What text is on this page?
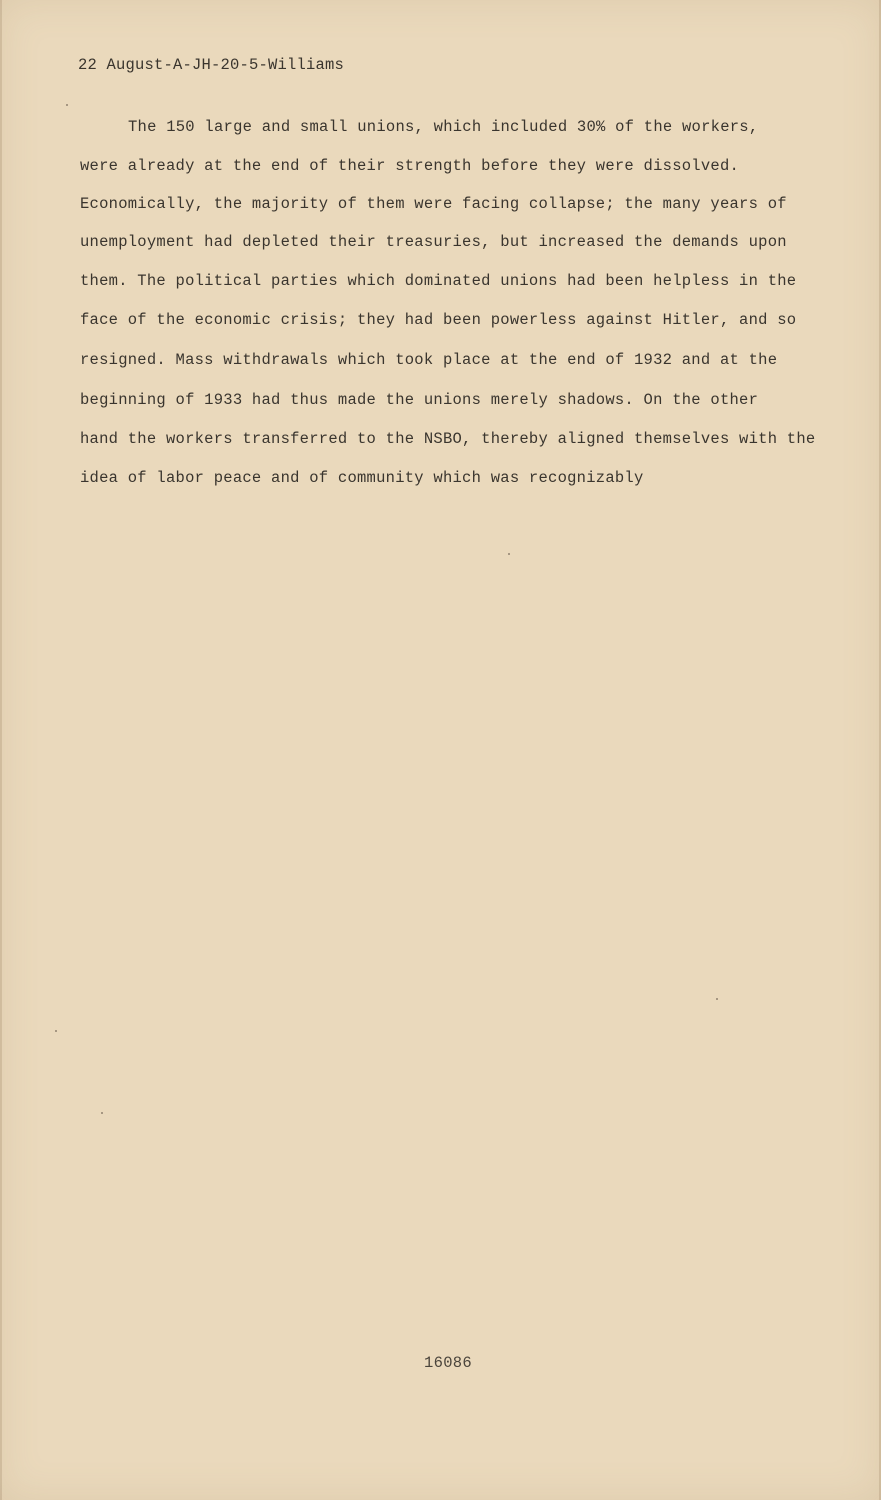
22 August-A-JH-20-5-Williams
The 150 large and small unions, which included 30% of the workers,
were already at the end of their strength before they were dissolved.
Economically, the majority of them were facing collapse; the many years of
unemployment had depleted their treasuries, but increased the demands upon
them. The political parties which dominated unions had been helpless in the
face of the economic crisis; they had been powerless against Hitler, and so
resigned. Mass withdrawals which took place at the end of 1932 and at the
beginning of 1933 had thus made the unions merely shadows. On the other
hand the workers transferred to the NSBO, thereby aligned themselves with the
idea of labor peace and of community which was recognizably
16086
